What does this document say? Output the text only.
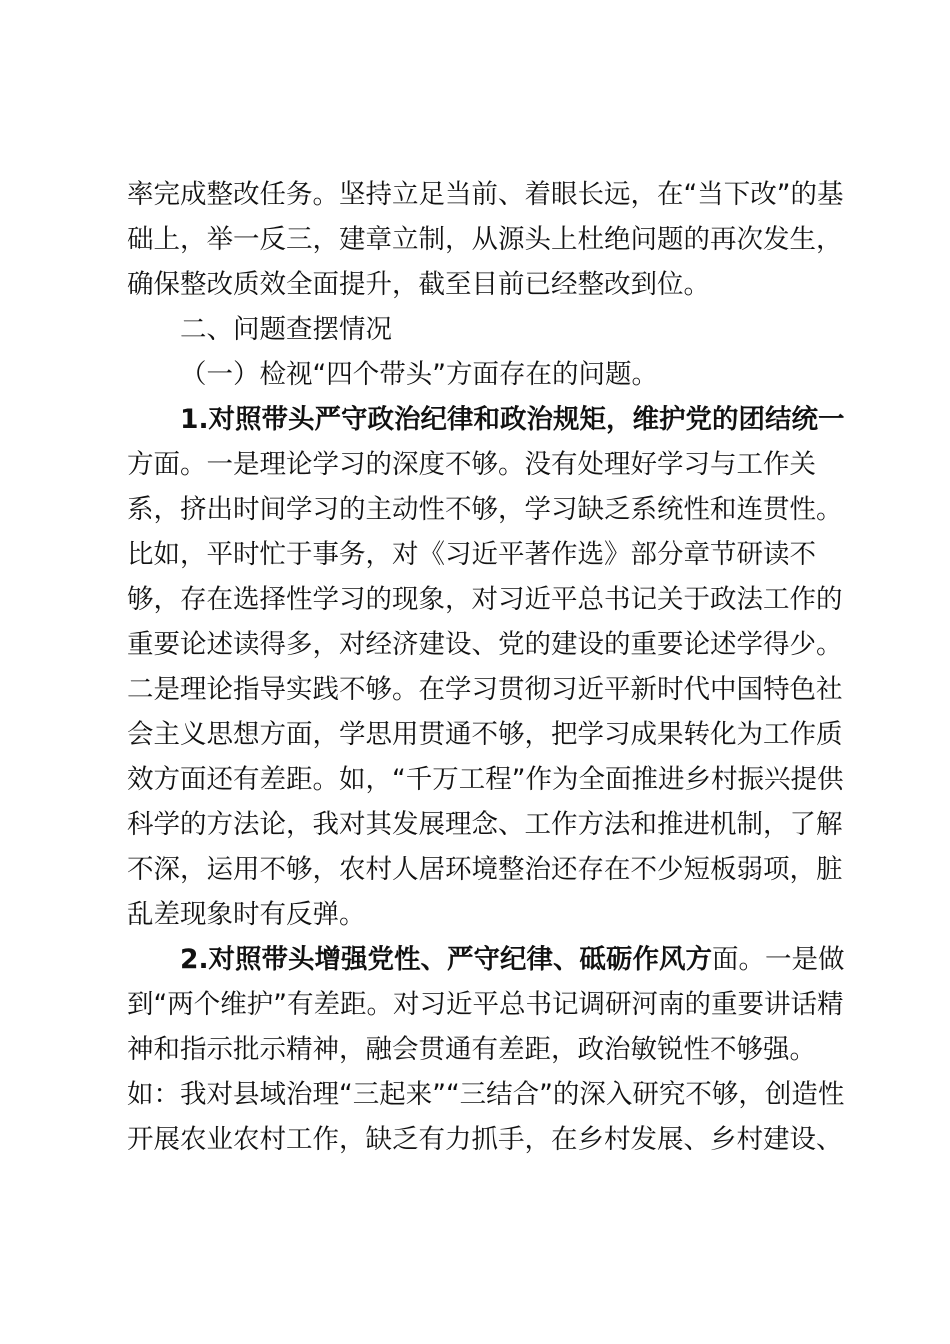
率完成整改任务。坚持立足当前、着眼长远，在“当下改”的基
础上，举一反三，建章立制，从源头上杜绝问题的再次发生，
确保整改质效全面提升，截至目前已经整改到位。
二、问题查摆情况
（一）检视“四个带头”方面存在的问题。
1.对照带头严守政治纪律和政治规矩，维护党的团结统一
方面。一是理论学习的深度不够。没有处理好学习与工作关
系，挤出时间学习的主动性不够，学习缺乏系统性和连贯性。
比如，平时忙于事务，对《习近平著作选》部分章节研读不
够，存在选择性学习的现象，对习近平总书记关于政法工作的
重要论述读得多，对经济建设、党的建设的重要论述学得少。
二是理论指导实践不够。在学习贯彻习近平新时代中国特色社
会主义思想方面，学思用贯通不够，把学习成果转化为工作质
效方面还有差距。如，“千万工程”作为全面推进乡村振兴提供
科学的方法论，我对其发展理念、工作方法和推进机制，了解
不深，运用不够，农村人居环境整治还存在不少短板弱项，脏
乱差现象时有反弹。
2.对照带头增强党性、严守纪律、砥砺作风方面。一是做
到“两个维护”有差距。对习近平总书记调研河南的重要讲话精
神和指示批示精神，融会贯通有差距，政治敏锐性不够强。
如：我对县域治理“三起来”“三结合”的深入研究不够，创造性
开展农业农村工作，缺乏有力抓手，在乡村发展、乡村建设、
